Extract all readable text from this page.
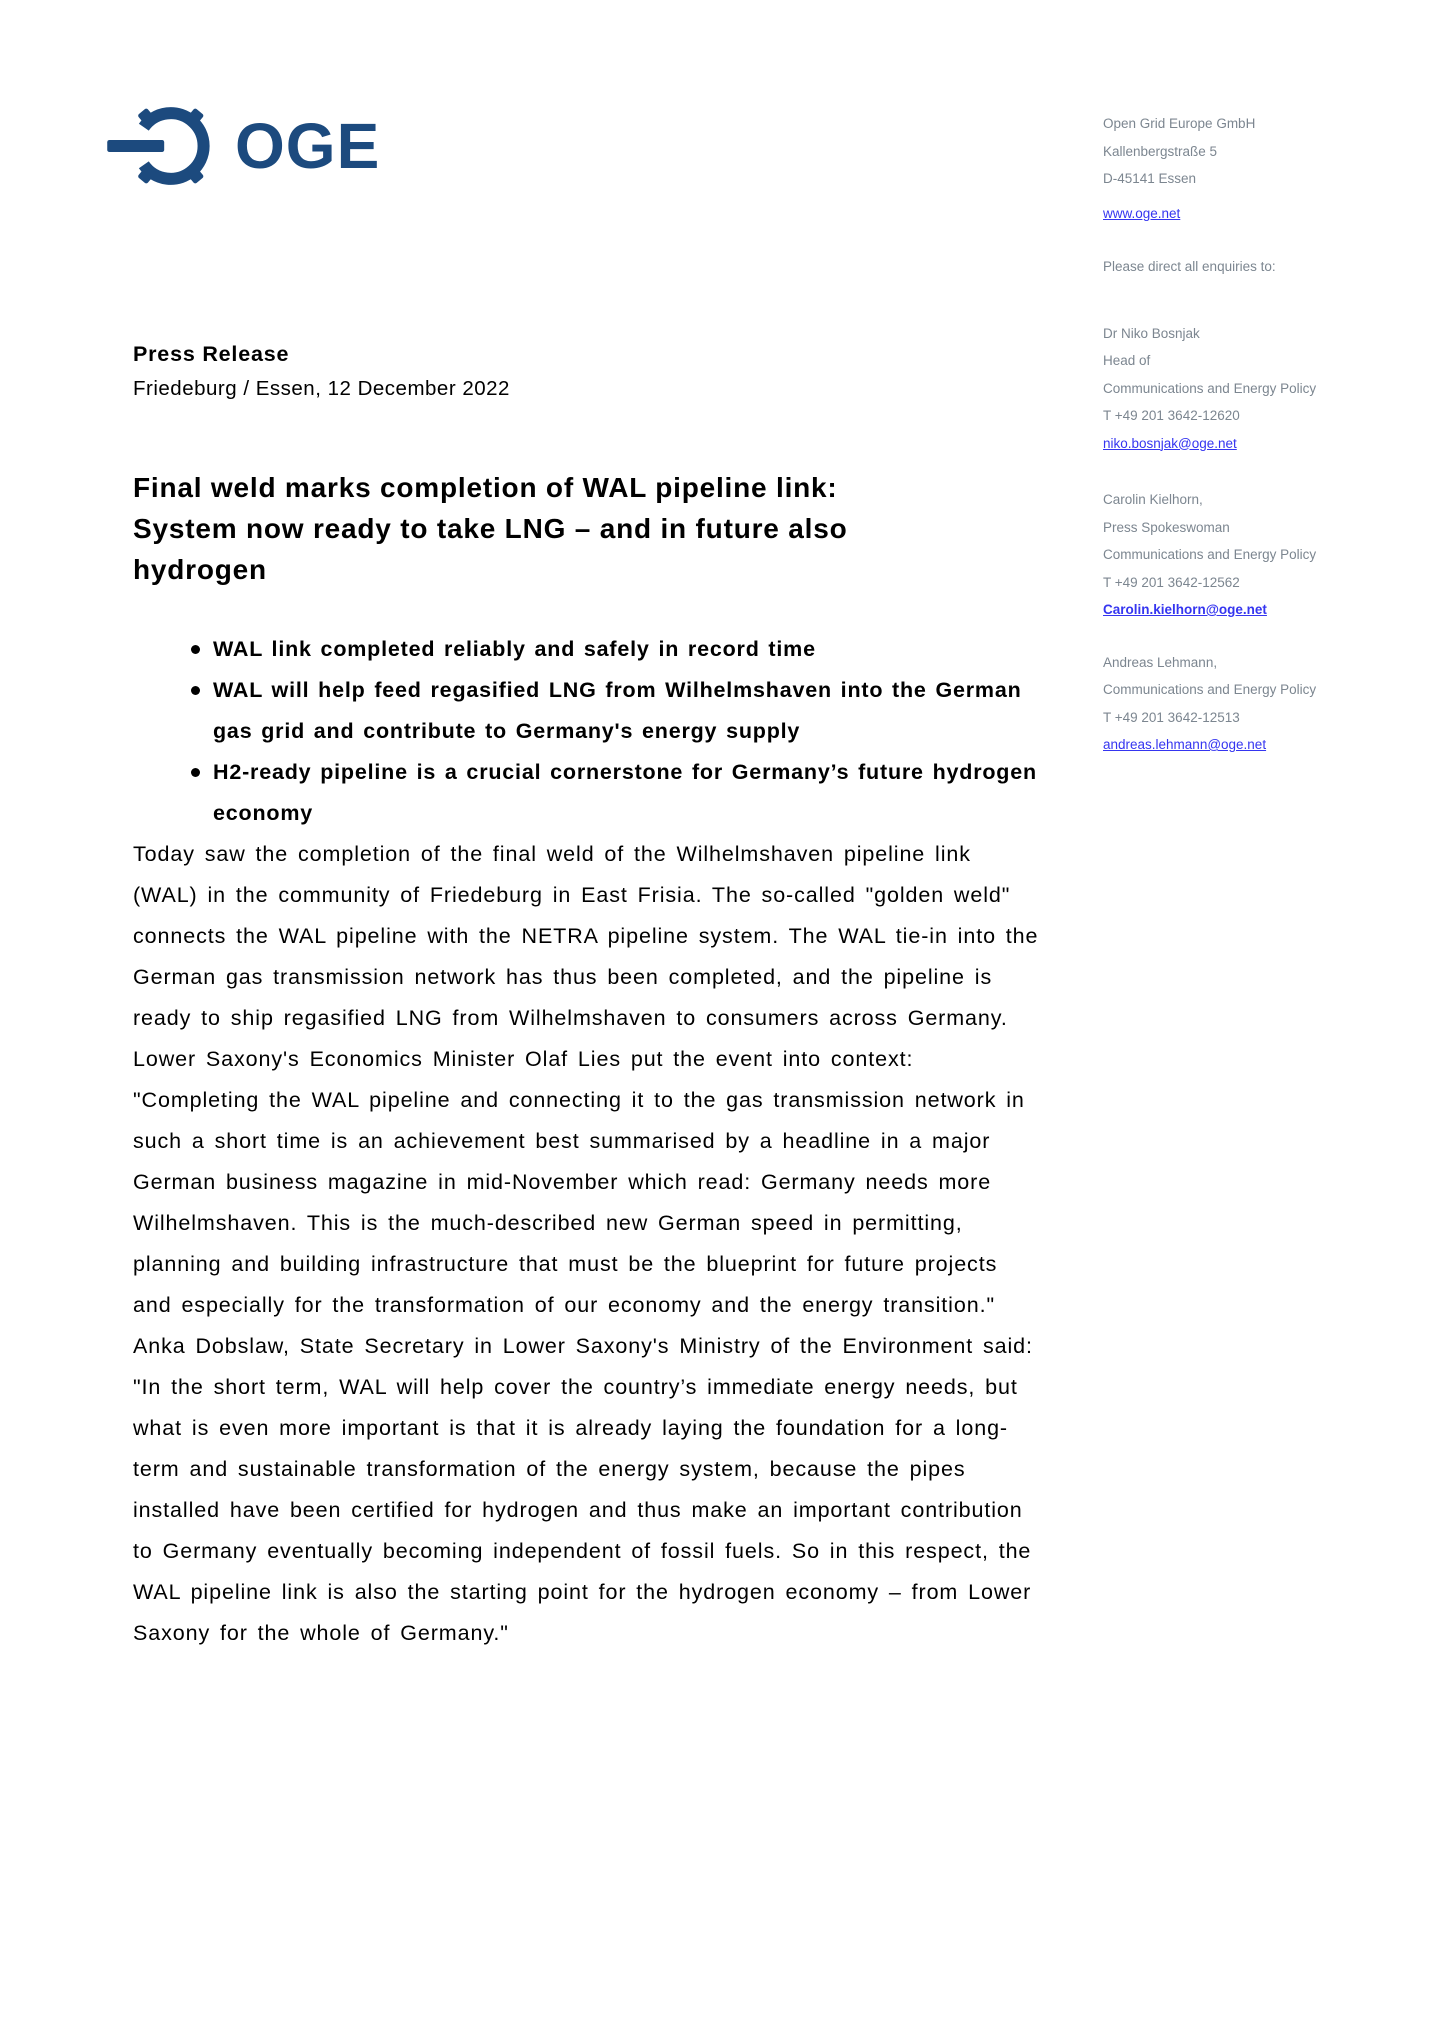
OGE	Open Grid Europe GmbH
Kallenbergstraße 5
D-45141 Essen
www.oge.net
Please direct all enquiries to:
Dr Niko Bosnjak
Head of
Communications and Energy Policy
T +49 201 3642-12620
niko.bosnjak@oge.net
Carolin Kielhorn,
Press Spokeswoman
Communications and Energy Policy
T +49 201 3642-12562
Carolin.kielhorn@oge.net
Andreas Lehmann,
Communications and Energy Policy
T +49 201 3642-12513
andreas.lehmann@oge.net
Press Release
Friedeburg / Essen, 12 December 2022
Final weld marks completion of WAL pipeline link:
System now ready to take LNG – and in future also
hydrogen
WAL link completed reliably and safely in record time
WAL will help feed regasified LNG from Wilhelmshaven into the German gas grid and contribute to Germany's energy supply
H2-ready pipeline is a crucial cornerstone for Germany’s future hydrogen economy

Today saw the completion of the final weld of the Wilhelmshaven pipeline link (WAL) in the community of Friedeburg in East Frisia. The so-called "golden weld" connects the WAL pipeline with the NETRA pipeline system. The WAL tie-in into the German gas transmission network has thus been completed, and the pipeline is ready to ship regasified LNG from Wilhelmshaven to consumers across Germany.

Lower Saxony's Economics Minister Olaf Lies put the event into context: "Completing the WAL pipeline and connecting it to the gas transmission network in such a short time is an achievement best summarised by a headline in a major German business magazine in mid-November which read: Germany needs more Wilhelmshaven. This is the much-described new German speed in permitting, planning and building infrastructure that must be the blueprint for future projects and especially for the transformation of our economy and the energy transition."

Anka Dobslaw, State Secretary in Lower Saxony's Ministry of the Environment said: "In the short term, WAL will help cover the country’s immediate energy needs, but what is even more important is that it is already laying the foundation for a long-term and sustainable transformation of the energy system, because the pipes installed have been certified for hydrogen and thus make an important contribution to Germany eventually becoming independent of fossil fuels. So in this respect, the WAL pipeline link is also the starting point for the hydrogen economy – from Lower Saxony for the whole of Germany."
